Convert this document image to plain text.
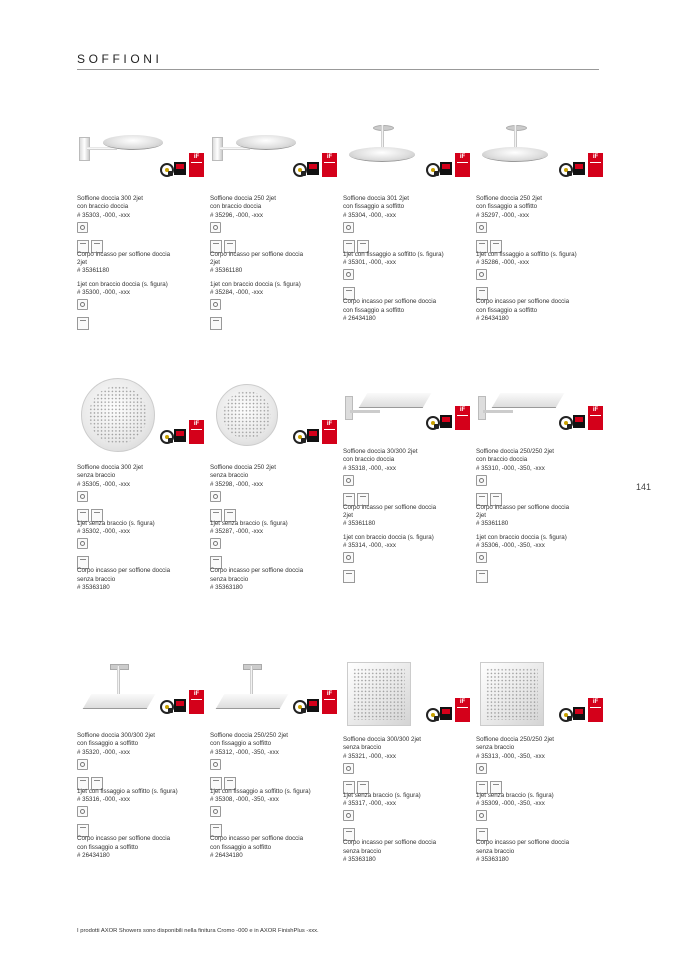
SOFFIONI
141
I prodotti AXOR Showers sono disponibili nella finitura Cromo -000 e in AXOR FinishPlus -xxx.
iF
Soffione doccia 300 2jet
con braccio doccia
# 35303, -000, -xxx

Corpo incasso per soffione doccia
2jet
# 35361180
1jet con braccio doccia (s. figura)
# 35300, -000, -xxx

iF
Soffione doccia 250 2jet
con braccio doccia
# 35296, -000, -xxx

Corpo incasso per soffione doccia
2jet
# 35361180
1jet con braccio doccia (s. figura)
# 35284, -000, -xxx

iF
Soffione doccia 301 2jet
con fissaggio a soffitto
# 35304, -000, -xxx

1jet con fissaggio a soffitto (s. figura)
# 35301, -000, -xxx

Corpo incasso per soffione doccia
con fissaggio a soffitto
# 26434180
iF
Soffione doccia 250 2jet
con fissaggio a soffitto
# 35297, -000, -xxx

1jet con fissaggio a soffitto (s. figura)
# 35286, -000, -xxx

Corpo incasso per soffione doccia
con fissaggio a soffitto
# 26434180
iF
Soffione doccia 300 2jet
senza braccio
# 35305, -000, -xxx

1jet senza braccio (s. figura)
# 35302, -000, -xxx

Corpo incasso per soffione doccia
senza braccio
# 35363180
iF
Soffione doccia 250 2jet
senza braccio
# 35298, -000, -xxx

1jet senza braccio (s. figura)
# 35287, -000, -xxx

Corpo incasso per soffione doccia
senza braccio
# 35363180
iF
Soffione doccia 30/300 2jet
con braccio doccia
# 35318, -000, -xxx

Corpo incasso per soffione doccia
2jet
# 35361180
1jet con braccio doccia (s. figura)
# 35314, -000, -xxx

iF
Soffione doccia 250/250 2jet
con braccio doccia
# 35310, -000, -350, -xxx

Corpo incasso per soffione doccia
2jet
# 35361180
1jet con braccio doccia (s. figura)
# 35306, -000, -350, -xxx

iF
Soffione doccia 300/300 2jet
con fissaggio a soffitto
# 35320, -000, -xxx

1jet con fissaggio a soffitto (s. figura)
# 35316, -000, -xxx

Corpo incasso per soffione doccia
con fissaggio a soffitto
# 26434180
iF
Soffione doccia 250/250 2jet
con fissaggio a soffitto
# 35312, -000, -350, -xxx

1jet con fissaggio a soffitto (s. figura)
# 35308, -000, -350, -xxx

Corpo incasso per soffione doccia
con fissaggio a soffitto
# 26434180
iF
Soffione doccia 300/300 2jet
senza braccio
# 35321, -000, -xxx

1jet senza braccio (s. figura)
# 35317, -000, -xxx

Corpo incasso per soffione doccia
senza braccio
# 35363180
iF
Soffione doccia 250/250 2jet
senza braccio
# 35313, -000, -350, -xxx

1jet senza braccio (s. figura)
# 35309, -000, -350, -xxx

Corpo incasso per soffione doccia
senza braccio
# 35363180
